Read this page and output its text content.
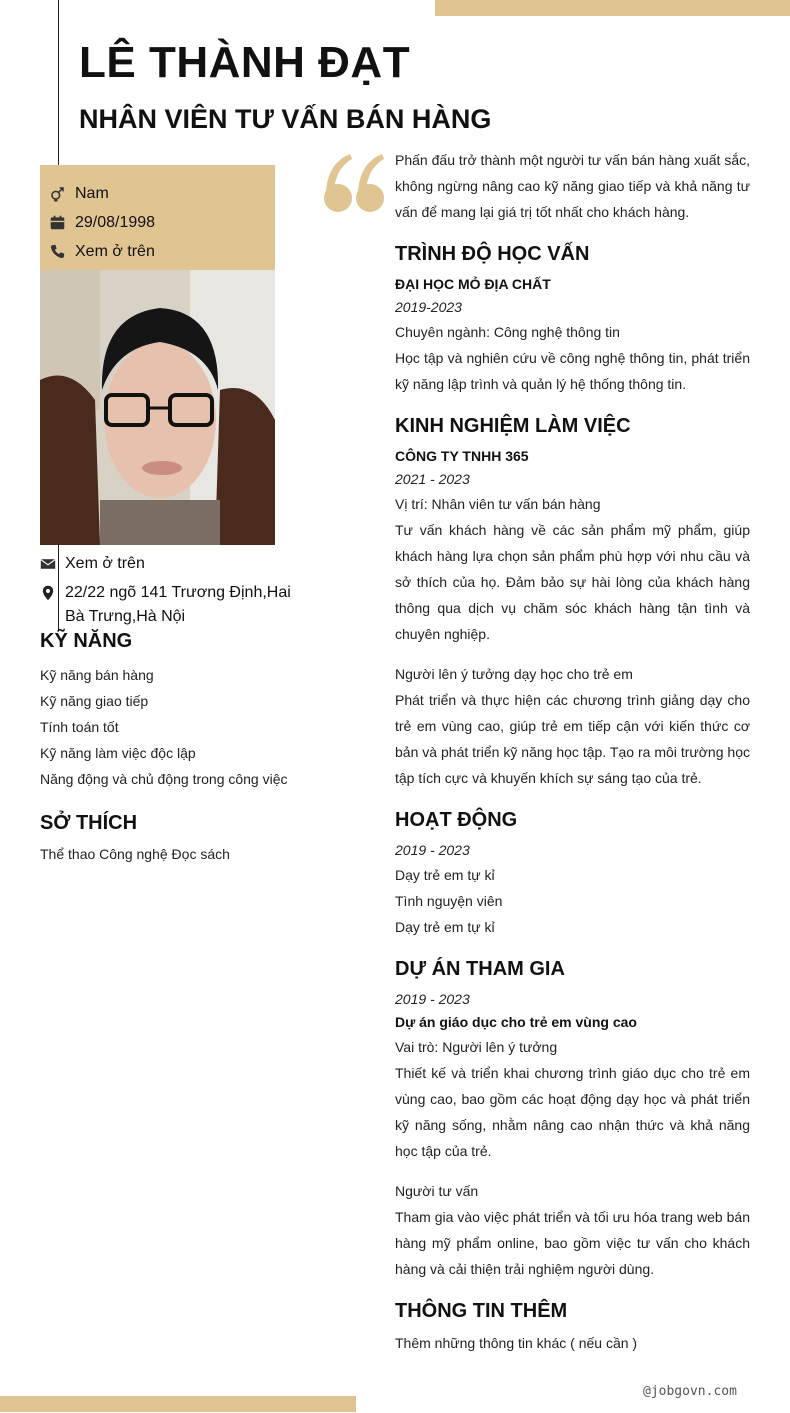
LÊ THÀNH ĐẠT
NHÂN VIÊN TƯ VẤN BÁN HÀNG
Nam
29/08/1998
Xem ở trên
Xem ở trên
22/22 ngõ 141 Trương Định,Hai Bà Trưng,Hà Nội
KỸ NĂNG
Kỹ năng bán hàng
Kỹ năng giao tiếp
Tính toán tốt
Kỹ năng làm việc độc lập
Năng động và chủ động trong công việc
SỞ THÍCH
Thể thao Công nghệ Đọc sách
Phấn đấu trở thành một người tư vấn bán hàng xuất sắc, không ngừng nâng cao kỹ năng giao tiếp và khả năng tư vấn để mang lại giá trị tốt nhất cho khách hàng.
TRÌNH ĐỘ HỌC VẤN
ĐẠI HỌC MỎ ĐỊA CHẤT
2019-2023
Chuyên ngành: Công nghệ thông tin
Học tập và nghiên cứu về công nghệ thông tin, phát triển kỹ năng lập trình và quản lý hệ thống thông tin.
KINH NGHIỆM LÀM VIỆC
CÔNG TY TNHH 365
2021 - 2023
Vị trí: Nhân viên tư vấn bán hàng
Tư vấn khách hàng về các sản phẩm mỹ phẩm, giúp khách hàng lựa chọn sản phẩm phù hợp với nhu cầu và sở thích của họ. Đảm bảo sự hài lòng của khách hàng thông qua dịch vụ chăm sóc khách hàng tận tình và chuyên nghiệp.
Người lên ý tưởng dạy học cho trẻ em
Phát triển và thực hiện các chương trình giảng dạy cho trẻ em vùng cao, giúp trẻ em tiếp cận với kiến thức cơ bản và phát triển kỹ năng học tập. Tạo ra môi trường học tập tích cực và khuyến khích sự sáng tạo của trẻ.
HOẠT ĐỘNG
2019 - 2023
Dạy trẻ em tự kỉ
Tình nguyện viên
Dạy trẻ em tự kỉ
DỰ ÁN THAM GIA
2019 - 2023
Dự án giáo dục cho trẻ em vùng cao
Vai trò: Người lên ý tưởng
Thiết kế và triển khai chương trình giáo dục cho trẻ em vùng cao, bao gồm các hoạt động dạy học và phát triển kỹ năng sống, nhằm nâng cao nhận thức và khả năng học tập của trẻ.
Người tư vấn
Tham gia vào việc phát triển và tối ưu hóa trang web bán hàng mỹ phẩm online, bao gồm việc tư vấn cho khách hàng và cải thiện trải nghiệm người dùng.
THÔNG TIN THÊM
Thêm những thông tin khác ( nếu cần )
@jobgovn.com
